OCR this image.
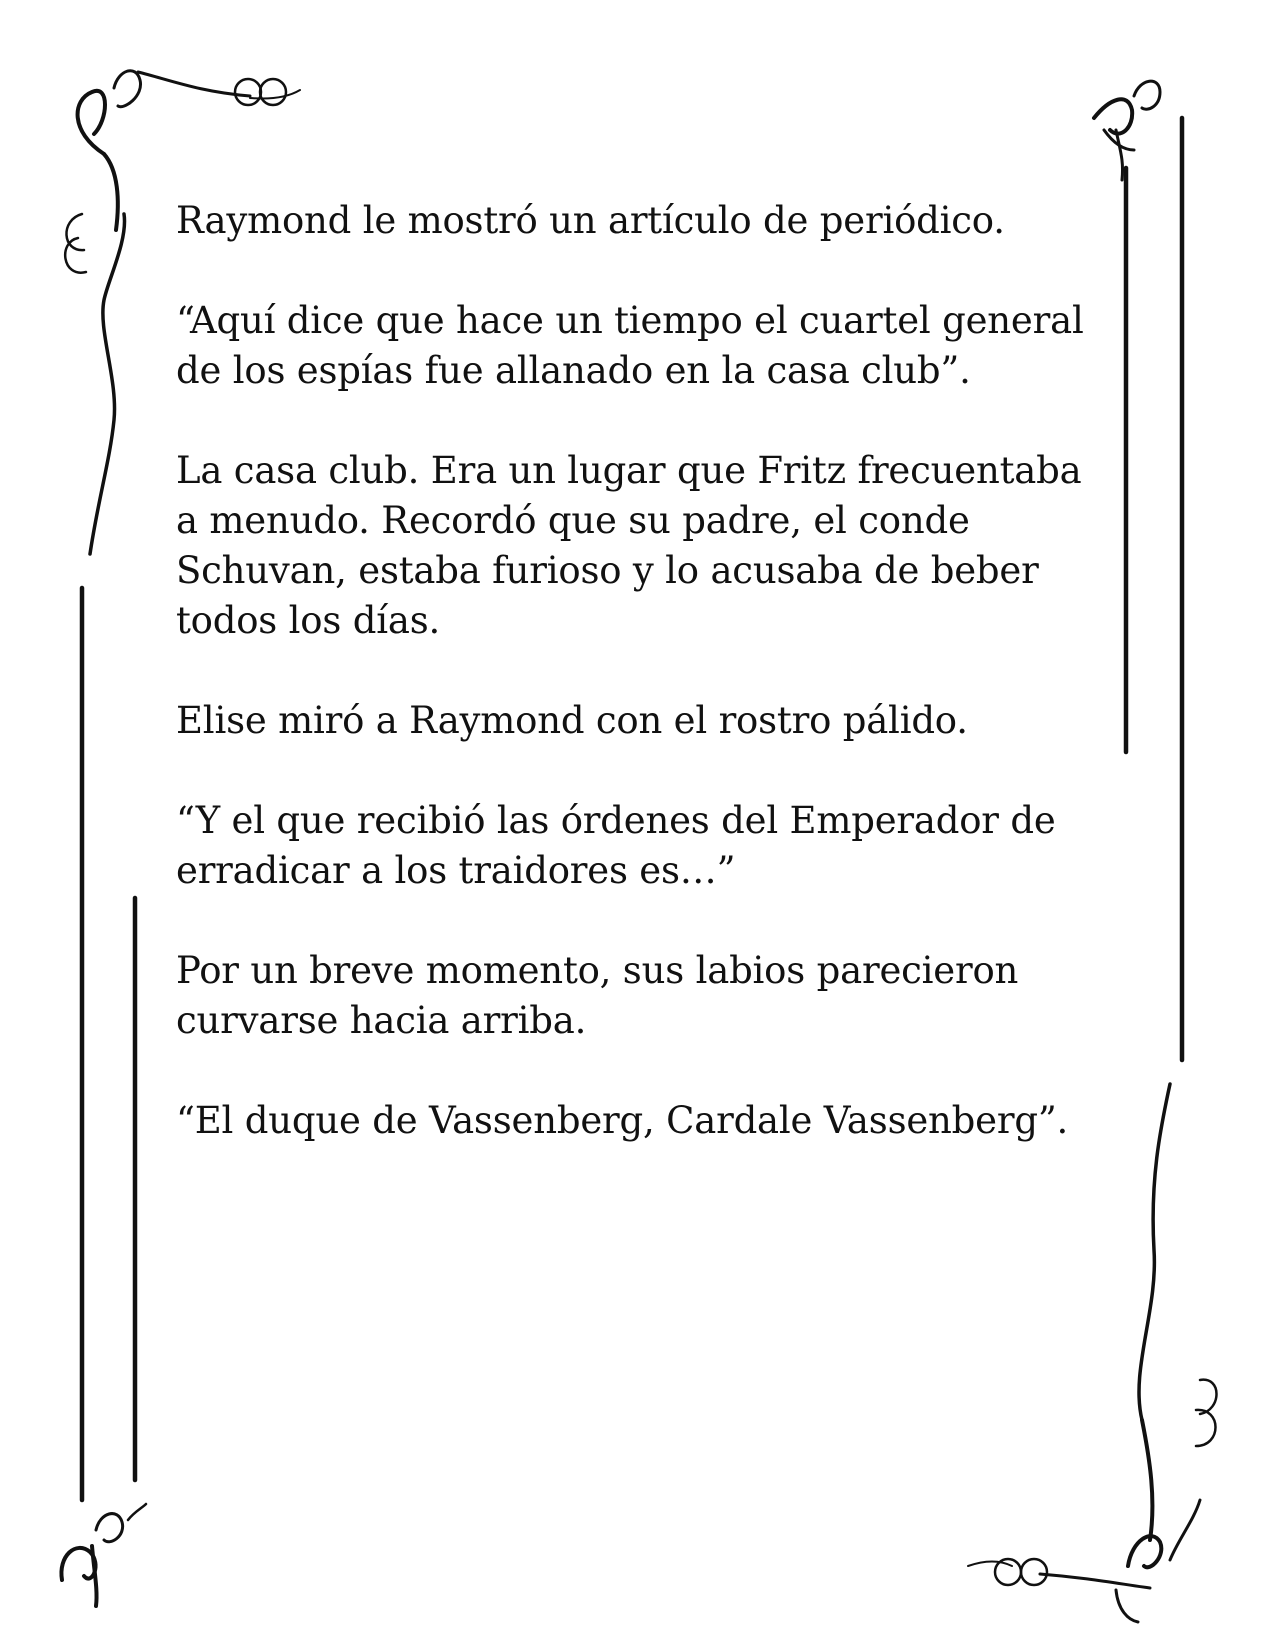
Raymond le mostró un artículo de periódico.

“Aquí dice que hace un tiempo el cuartel general de los espías fue allanado en la casa club”.

La casa club. Era un lugar que Fritz frecuentaba a menudo. Recordó que su padre, el conde Schuvan, estaba furioso y lo acusaba de beber todos los días.

Elise miró a Raymond con el rostro pálido.

“Y el que recibió las órdenes del Emperador de erradicar a los traidores es…”

Por un breve momento, sus labios parecieron curvarse hacia arriba.

“El duque de Vassenberg, Cardale Vassenberg”.
